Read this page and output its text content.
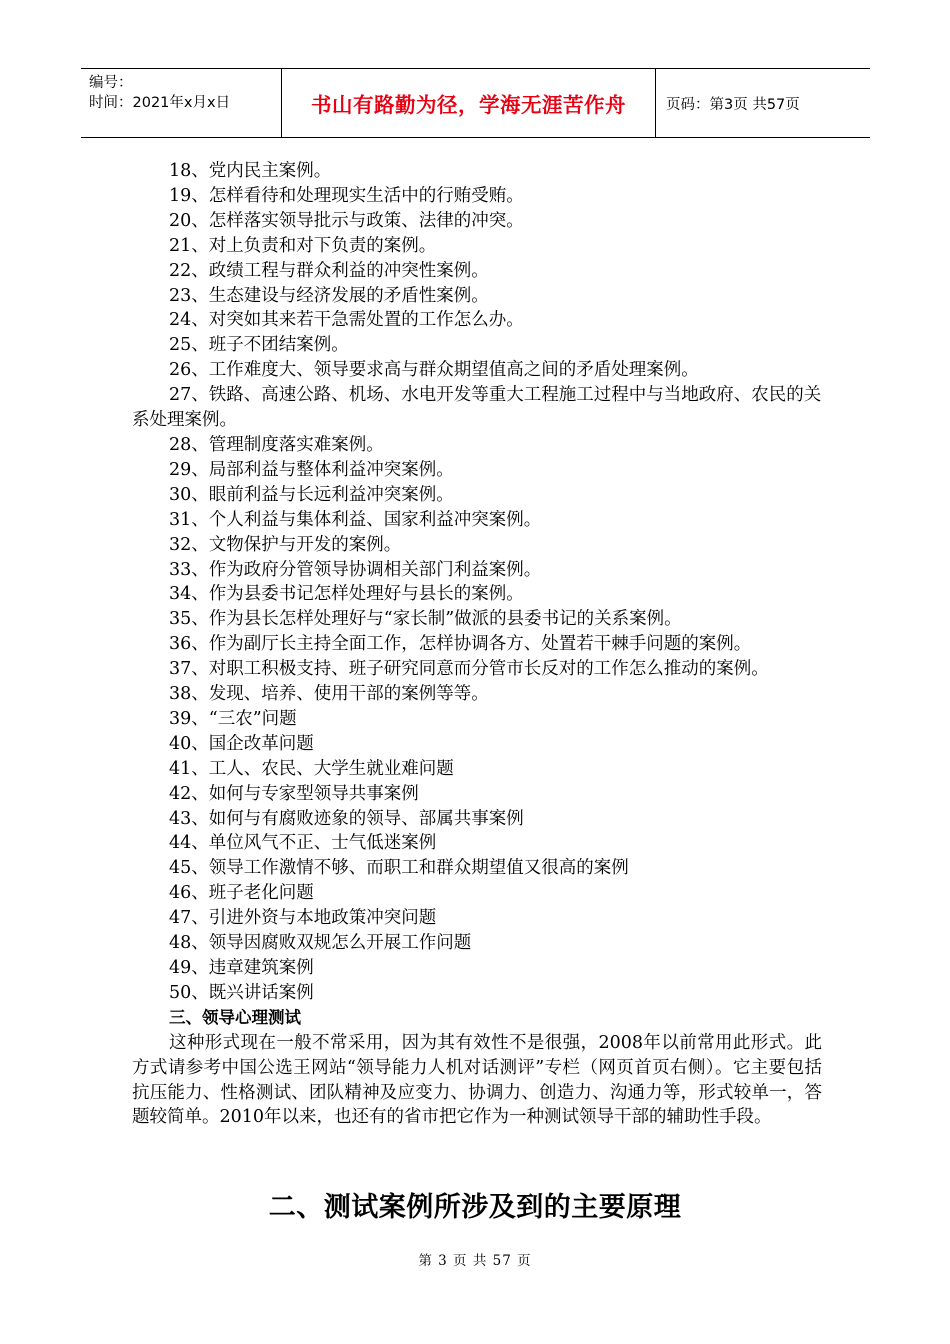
编号：
时间：2021年x月x日	书山有路勤为径，学海无涯苦作舟	页码：第3页 共57页
18、党内民主案例。
19、怎样看待和处理现实生活中的行贿受贿。
20、怎样落实领导批示与政策、法律的冲突。
21、对上负责和对下负责的案例。
22、政绩工程与群众利益的冲突性案例。
23、生态建设与经济发展的矛盾性案例。
24、对突如其来若干急需处置的工作怎么办。
25、班子不团结案例。
26、工作难度大、领导要求高与群众期望值高之间的矛盾处理案例。
27、铁路、高速公路、机场、水电开发等重大工程施工过程中与当地政府、农民的关系处理案例。
28、管理制度落实难案例。
29、局部利益与整体利益冲突案例。
30、眼前利益与长远利益冲突案例。
31、个人利益与集体利益、国家利益冲突案例。
32、文物保护与开发的案例。
33、作为政府分管领导协调相关部门利益案例。
34、作为县委书记怎样处理好与县长的案例。
35、作为县长怎样处理好与“家长制”做派的县委书记的关系案例。
36、作为副厅长主持全面工作，怎样协调各方、处置若干棘手问题的案例。
37、对职工积极支持、班子研究同意而分管市长反对的工作怎么推动的案例。
38、发现、培养、使用干部的案例等等。
39、“三农”问题
40、国企改革问题
41、工人、农民、大学生就业难问题
42、如何与专家型领导共事案例
43、如何与有腐败迹象的领导、部属共事案例
44、单位风气不正、士气低迷案例
45、领导工作激情不够、而职工和群众期望值又很高的案例
46、班子老化问题
47、引进外资与本地政策冲突问题
48、领导因腐败双规怎么开展工作问题
49、违章建筑案例
50、既兴讲话案例
三、领导心理测试
这种形式现在一般不常采用，因为其有效性不是很强，2008年以前常用此形式。此方式请参考中国公选王网站“领导能力人机对话测评”专栏（网页首页右侧）。它主要包括抗压能力、性格测试、团队精神及应变力、协调力、创造力、沟通力等，形式较单一，答题较简单。2010年以来，也还有的省市把它作为一种测试领导干部的辅助性手段。
二、测试案例所涉及到的主要原理
第 3 页 共 57 页
